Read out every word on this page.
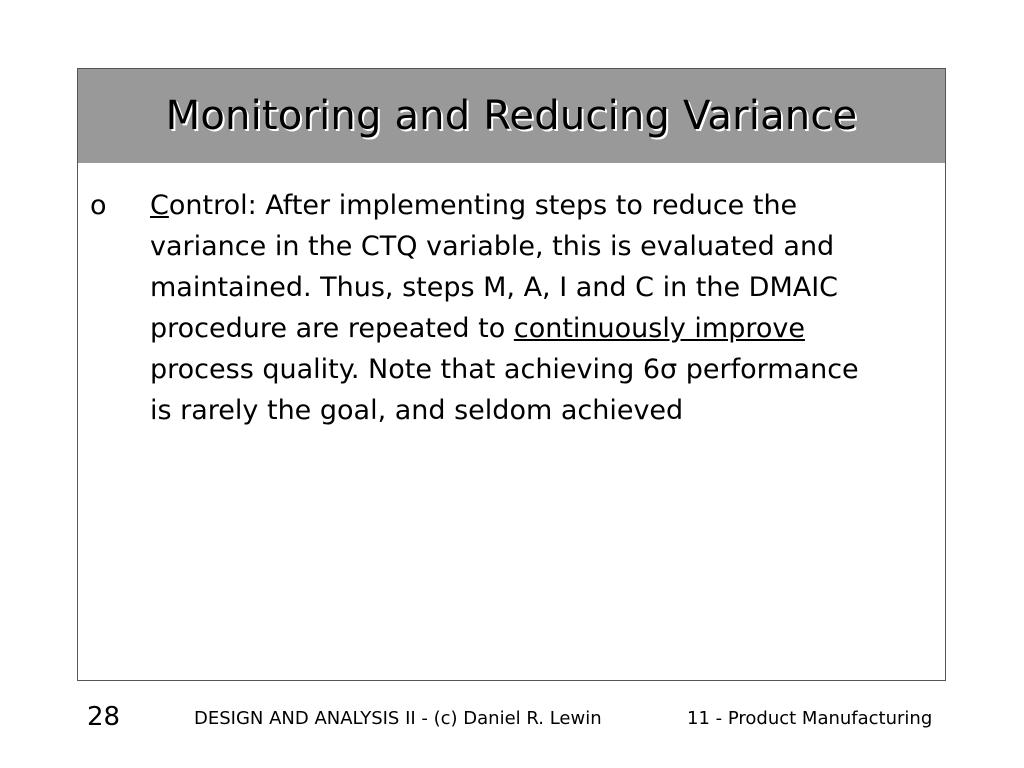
Monitoring and Reducing Variance
o Control: After implementing steps to reduce the variance in the CTQ variable, this is evaluated and maintained. Thus, steps M, A, I and C in the DMAIC procedure are repeated to continuously improve process quality. Note that achieving 6σ performance is rarely the goal, and seldom achieved
28	DESIGN AND ANALYSIS II - (c) Daniel R. Lewin	11 - Product Manufacturing
